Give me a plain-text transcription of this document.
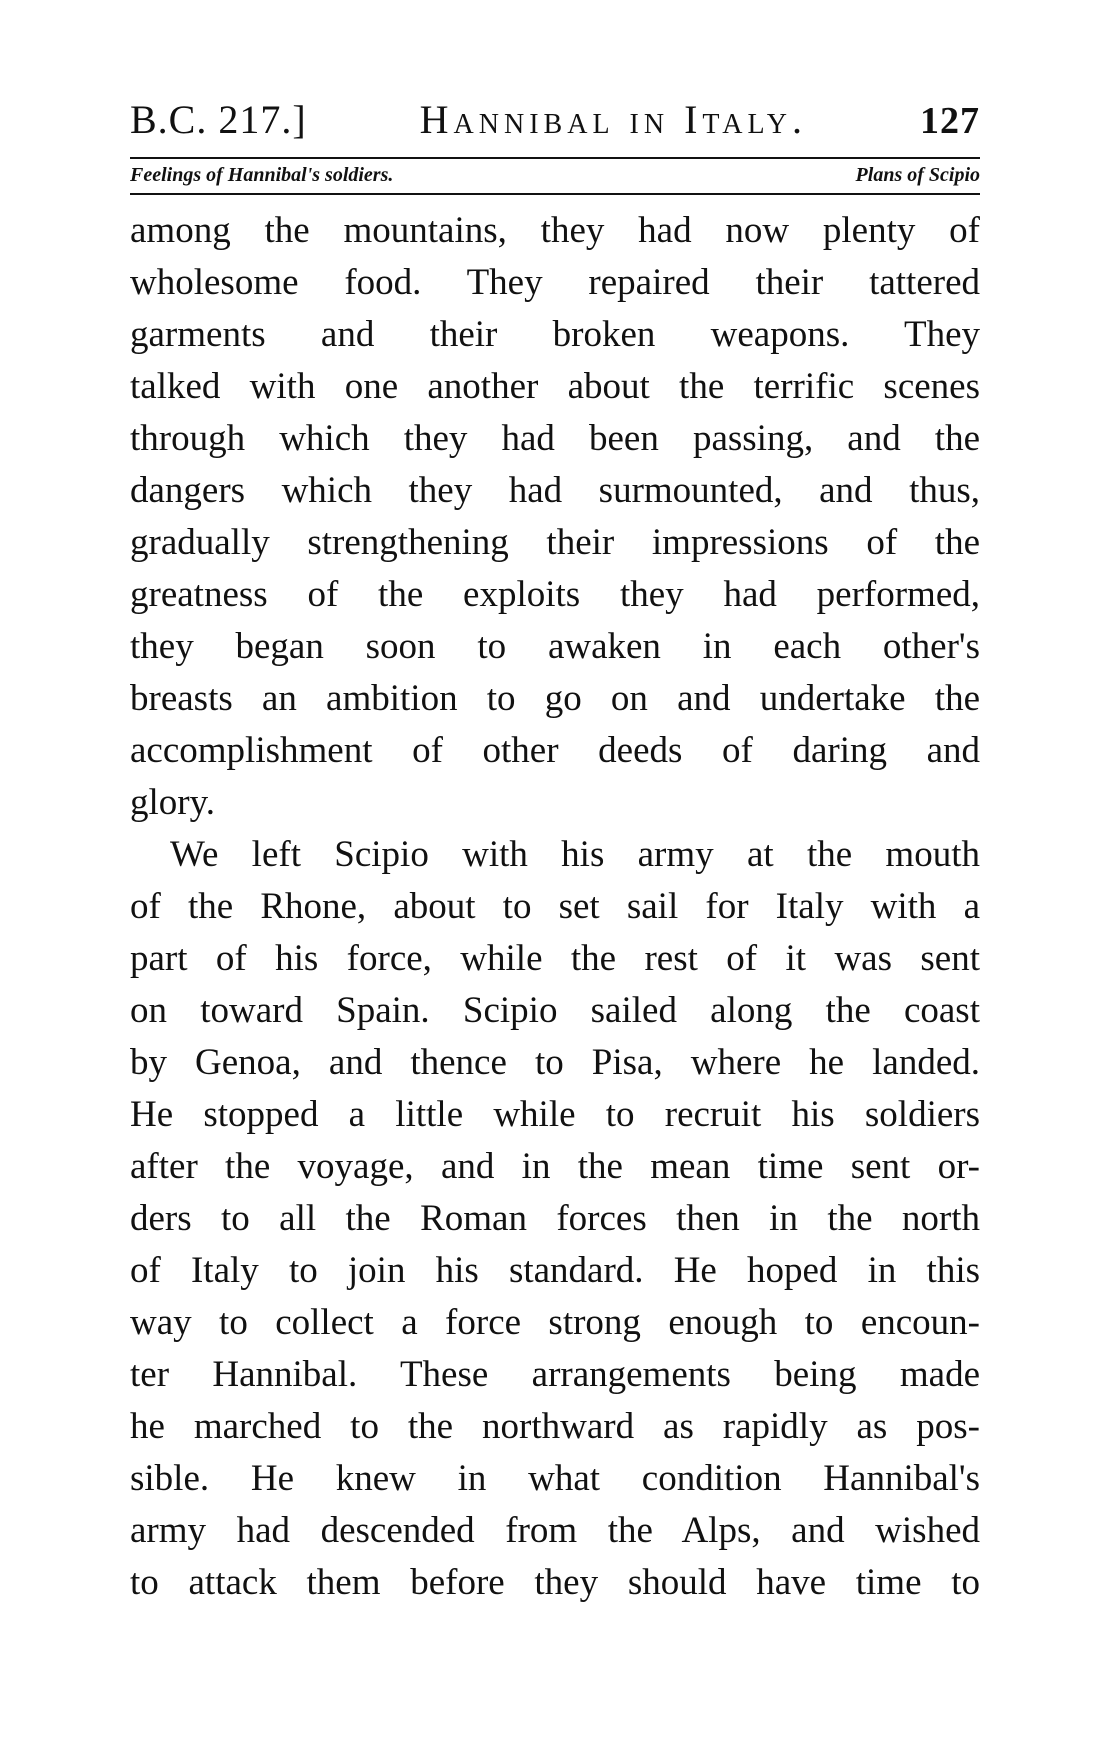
B.C. 217.]	Hannibal in Italy.	127
Feelings of Hannibal's soldiers.	Plans of Scipio

among the mountains, they had now plenty of
wholesome food. They repaired their tattered
garments and their broken weapons. They
talked with one another about the terrific scenes
through which they had been passing, and the
dangers which they had surmounted, and thus,
gradually strengthening their impressions of the
greatness of the exploits they had performed,
they began soon to awaken in each other's
breasts an ambition to go on and undertake the
accomplishment of other deeds of daring and
glory.

We left Scipio with his army at the mouth
of the Rhone, about to set sail for Italy with a
part of his force, while the rest of it was sent
on toward Spain. Scipio sailed along the coast
by Genoa, and thence to Pisa, where he landed.
He stopped a little while to recruit his soldiers
after the voyage, and in the mean time sent or-
ders to all the Roman forces then in the north
of Italy to join his standard. He hoped in this
way to collect a force strong enough to encoun-
ter Hannibal. These arrangements being made
he marched to the northward as rapidly as pos-
sible. He knew in what condition Hannibal's
army had descended from the Alps, and wished
to attack them before they should have time to
